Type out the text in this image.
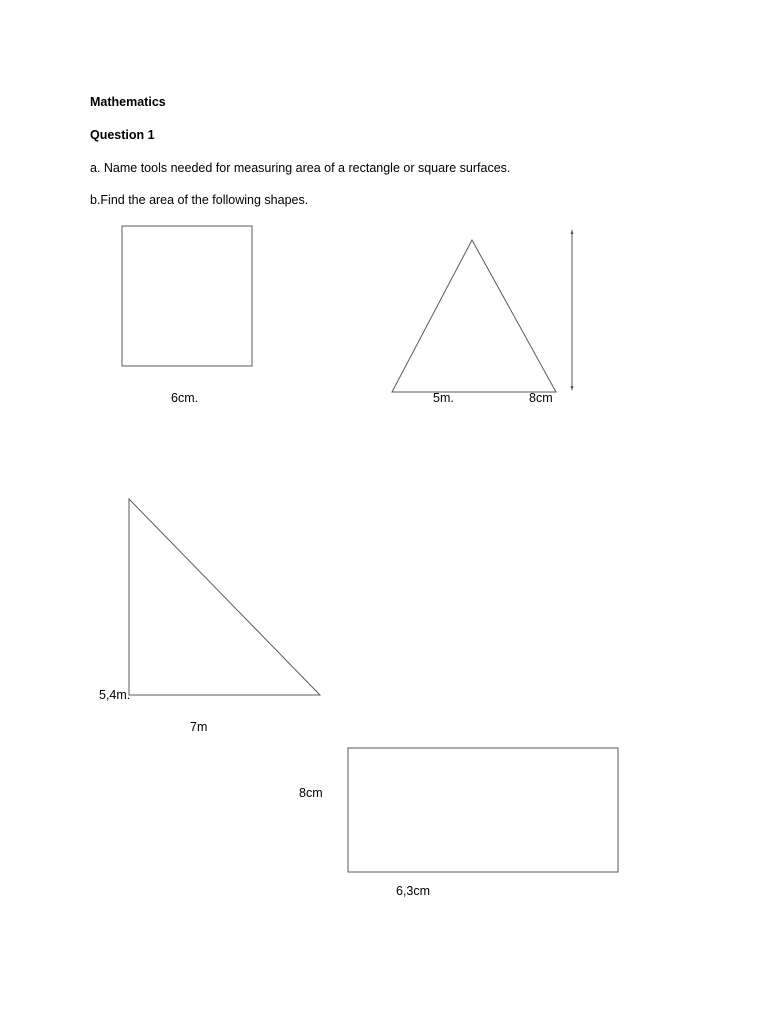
Mathematics
Question 1
a. Name tools needed for measuring area of a rectangle or square surfaces.
b.Find the area of the following shapes.
6cm.	5m.	8cm
5,4m.
7m
8cm
6,3cm
